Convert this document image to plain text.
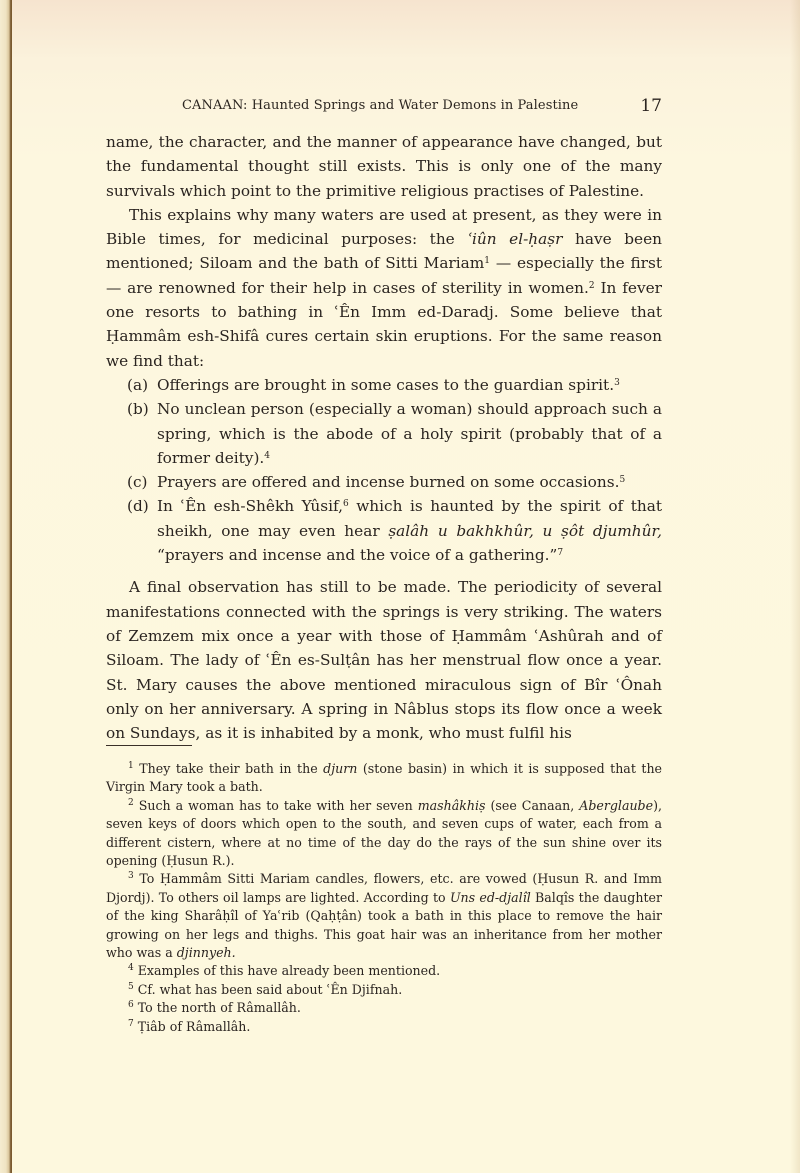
CANAAN: Haunted Springs and Water Demons in Palestine	17

name, the character, and the manner of appearance have changed, but the fundamental thought still exists. This is only one of the many survivals which point to the primitive religious practises of Palestine.

This explains why many waters are used at present, as they were in Bible times, for medicinal purposes: the ʿiûn el-ḥaṣr have been mentioned; Siloam and the bath of Sitti Mariam$^1$ — especially the first — are renowned for their help in cases of sterility in women.$^2$ In fever one resorts to bathing in ʿÊn Imm ed-Daradj. Some believe that Ḥammâm esh-Shifâ cures certain skin eruptions. For the same reason we find that:

(a) Offerings are brought in some cases to the guardian spirit.$^3$
(b) No unclean person (especially a woman) should approach such a spring, which is the abode of a holy spirit (probably that of a former deity).$^4$
(c) Prayers are offered and incense burned on some occasions.$^5$
(d) In ʿÊn esh-Shêkh Yûsif,$^6$ which is haunted by the spirit of that sheikh, one may even hear ṣalâh u bakhkhûr, u ṣôt djumhûr, “prayers and incense and the voice of a gathering.”$^7$

A final observation has still to be made. The periodicity of several manifestations connected with the springs is very striking. The waters of Zemzem mix once a year with those of Ḥammâm ʿAshûrah and of Siloam. The lady of ʿÊn es-Sulṭân has her menstrual flow once a year. St. Mary causes the above mentioned miraculous sign of Bîr ʿÔnah only on her anniversary. A spring in Nâblus stops its flow once a week on Sundays, as it is inhabited by a monk, who must fulfil his

$^1$ They take their bath in the djurn (stone basin) in which it is supposed that the Virgin Mary took a bath.

$^2$ Such a woman has to take with her seven mashâkhiṣ (see Canaan, Aberglaube), seven keys of doors which open to the south, and seven cups of water, each from a different cistern, where at no time of the day do the rays of the sun shine over its opening (Ḥusun R.).

$^3$ To Ḥammâm Sitti Mariam candles, flowers, etc. are vowed (Ḥusun R. and Imm Djordj). To others oil lamps are lighted. According to Uns ed-djalîl Balqîs the daughter of the king Sharâḥîl of Yaʿrib (Qaḥṭân) took a bath in this place to remove the hair growing on her legs and thighs. This goat hair was an inheritance from her mother who was a djinnyeh.

$^4$ Examples of this have already been mentioned.

$^5$ Cf. what has been said about ʿÊn Djifnah.

$^6$ To the north of Râmallâh.

$^7$ Ṭiâb of Râmallâh.
